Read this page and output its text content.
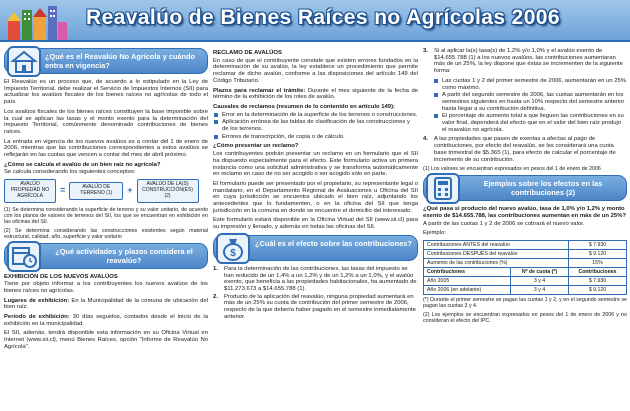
Reavalúo de Bienes Raíces no Agrícolas 2006
¿Qué es el Reavalúo No Agrícola y cuándo entra en vigencia?

El Reavalúo es un proceso que, de acuerdo a lo estipulado en la Ley de Impuesto Territorial, debe realizar el Servicio de Impuestos Internos (SII) para actualizar los avalúos fiscales de los bienes raíces no agrícolas de todo el país.

Los avalúos fiscales de los bienes raíces constituyen la base imponible sobre la cual se aplican las tasas y el monto exento para la determinación del Impuesto Territorial, comúnmente denominado contribuciones de bienes raíces.

La entrada en vigencia de los nuevos avalúos es a contar del 1 de enero de 2006, mientras que las contribuciones correspondientes a estos avalúos se reflejarán en las cuotas que vencen a contar del mes de abril próximo.

¿Cómo se calcula el avalúo de un bien raíz no agrícola?

Se calcula considerando los siguientes conceptos:

AVALÚO PROPIEDAD NO AGRÍCOLA
=	AVALÚO DE TERRENO (1)	+
AVALÚO DE LA(S) CONSTRUCCIÓN(ES) (2)

(1) Se determina considerando la superficie de terreno y su valor unitario, de acuerdo con los planos de valores de terrenos del SII, los que se encuentran en exhibición en las oficinas del SII.

(2) Se determina considerando las construcciones existentes según material estructural, calidad, año, superficie y valor unitario

¿Qué actividades y plazos considera el reavalúo?
EXHIBICIÓN DE LOS NUEVOS AVALÚOS

Tiene por objeto informar a los contribuyentes los nuevos avalúos de los bienes raíces no agrícolas.

Lugares de exhibición: En la Municipalidad de la comuna de ubicación del bien raíz.

Período de exhibición: 30 días seguidos, contados desde el inicio de la exhibición en la municipalidad.

El SII, además, tendrá disponible esta información en su Oficina Virtual en Internet (www.sii.cl), menú Bienes Raíces, opción "Informe de Reavalúo No Agrícola".

RECLAMO DE AVALÚOS

En caso de que el contribuyente constate que existen errores fundados en la determinación de su avalúo, la ley establece un procedimiento que permite reclamar de dicho avalúo, conforme a las disposiciones del artículo 149 del Código Tributario.

Plazos para reclamar el trámite: Durante el mes siguiente de la fecha de término de la exhibición de los roles de avalúo.

Causales de reclamos (resumen de lo contenido en artículo 149):
Error en la determinación de la superficie de los terrenos o construcciones.
Aplicación errónea de las tablas de clasificación de las construcciones y de los terrenos.
Errores de transcripción, de copia o de cálculo.
¿Cómo presentar un reclamo?

Los contribuyentes podrán presentar un reclamo en un formulario que el SII ha dispuesto especialmente para el efecto. Este formulario activa un primera instancia como una solicitud administrativa y se transforma automáticamente en reclamo en caso de no ser acogido o ser acogido sólo en parte.

El formulario puede ser presentado por el propietario, su representante legal o mandatario, en el Departamento Regional de Avaluaciones u Oficina del SII en cuya jurisdicción se encuentra ubicado el bien raíz, adjuntando los antecedentes que lo fundamenten, o en la oficina del SII que tenga jurisdicción en la comuna en donde se encuentre el domicilio del interesado.

Este formulario estará disponible en la Oficina Virtual del SII (www.sii.cl) para su impresión y llenado, y además en todas las oficinas del SII.

$
¿Cuál es el efecto sobre las contribuciones?
1. Para la determinación de las contribuciones, las tasas del impuesto se han reducido de un 1,4% a un 1,2% y de un 1,2% a un 1,0%, y el avalúo exento, que beneficia a las propiedades habitacionales, ha aumentado de $11.273.673 a $14.655.788 (1).
2. Producto de la aplicación del reavalúo, ninguna propiedad aumentará en más de un 25% su cuota de contribución del primer semestre de 2006, respecto de la que debería haber pagado en el semestre inmediatamente anterior.
3. Si al aplicar la(s) tasa(s) de 1,2% y/o 1,0% y el avalúo exento de $14.655.788 (1) a los nuevos avalúos, las contribuciones aumentaran más de un 25%, la ley dispone que éstas se incrementen de la siguiente forma:
Las cuotas 1 y 2 del primer semestre de 2006, aumentarán en un 25% como máximo.
A partir del segundo semestre de 2006, las cuotas aumentarán en los semestres siguientes en hasta un 10% respecto del semestre anterior hasta llegar a su contribución definitiva.
El porcentaje de aumento total a que lleguen las contribuciones en su valor final, dependerá del efecto que en el valor del bien raíz produjo el reavalúo no agrícola.
4. A las propiedades que pasen de exentas a afectas al pago de contribuciones, por efecto del reavalúo, se les considerará una cuota base trimestral de $5.365 (1), para efecto de calcular el porcentaje de incremento de su contribución.

(1) Los valores se encuentran expresados en pesos del 1 de enero de 2006

Ejemplos sobre los efectos en las contribuciones (2)
¿Qué pasa si producto del nuevo avalúo, tasa de 1,0% y/o 1,2% y monto exento de $14.655.788, las contribuciones aumentan en más de un 25%?

A partir de las cuotas 1 y 2 de 2006 se cobrará el nuevo valor.

Ejemplo:

Contribuciones ANTES del reavalúo		$ 7.930
Contribuciones DESPUÉS del reavalúo		$ 9.120
Aumento de las contribuciones (%)		15%
Contribuciones	Nº de cuota (*)	Contribuciones
Año 2005	3 y 4	$ 7.930
Año 2006 (en adelante)	3 y 4	$ 9.120

(*) Durante el primer semestre se pagan las cuotas 1 y 2, y en el segundo semestre se pagan las cuotas 3 y 4.

(2) Los ejemplos se encuentran expresados en pesos del 1 de enero de 2006 y no consideran el efecto del IPC.
